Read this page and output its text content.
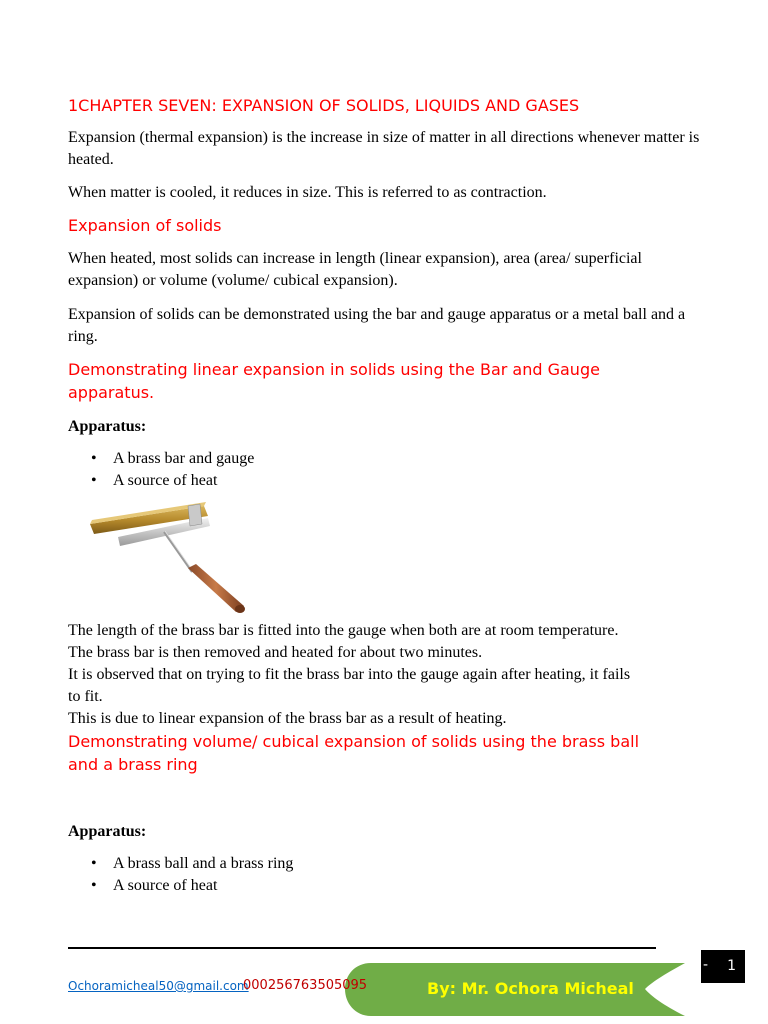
1CHAPTER SEVEN: EXPANSION OF SOLIDS, LIQUIDS AND GASES

Expansion (thermal expansion) is the increase in size of matter in all directions whenever matter is heated.

When matter is cooled, it reduces in size. This is referred to as contraction.

Expansion of solids

When heated, most solids can increase in length (linear expansion), area (area/ superficial expansion) or volume (volume/ cubical expansion).

Expansion of solids can be demonstrated using the bar and gauge apparatus or a metal ball and a ring.

Demonstrating linear expansion in solids using the Bar and Gauge
apparatus.

Apparatus:

• A brass bar and gauge
• A source of heat
The length of the brass bar is fitted into the gauge when both are at room temperature.
The brass bar is then removed and heated for about two minutes.
It is observed that on trying to fit the brass bar into the gauge again after heating, it fails
to fit.
This is due to linear expansion of the brass bar as a result of heating.
Demonstrating volume/ cubical expansion of solids using the brass ball
and a brass ring

Apparatus:

• A brass ball and a brass ring
• A source of heat
Ochoramicheal50@gmail.com
000256763505095	By: Mr. Ochora Micheal
- 1
